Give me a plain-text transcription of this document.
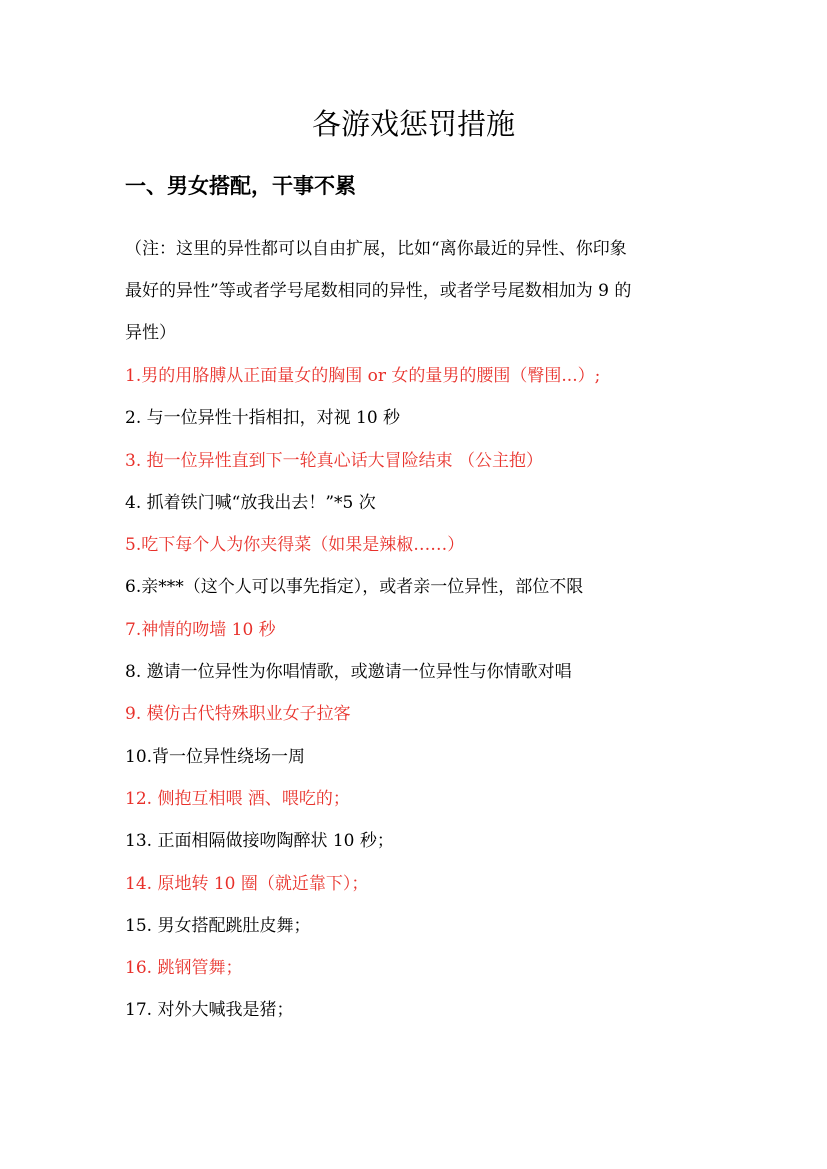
各游戏惩罚措施
一、男女搭配，干事不累
（注：这里的异性都可以自由扩展，比如“离你最近的异性、你印象
最好的异性”等或者学号尾数相同的异性，或者学号尾数相加为 9 的
异性）
1.男的用胳膊从正面量女的胸围 or 女的量男的腰围（臀围...）;
2. 与一位异性十指相扣，对视 10 秒
3. 抱一位异性直到下一轮真心话大冒险结束 （公主抱）
4. 抓着铁门喊“放我出去！”*5 次
5.吃下每个人为你夹得菜（如果是辣椒……）
6.亲***（这个人可以事先指定），或者亲一位异性，部位不限
7.神情的吻墙 10 秒
8. 邀请一位异性为你唱情歌，或邀请一位异性与你情歌对唱
9. 模仿古代特殊职业女子拉客
10.背一位异性绕场一周
12. 侧抱互相喂 酒、喂吃的；
13. 正面相隔做接吻陶醉状 10 秒；
14. 原地转 10 圈（就近靠下）；
15. 男女搭配跳肚皮舞；
16. 跳钢管舞；
17. 对外大喊我是猪；
